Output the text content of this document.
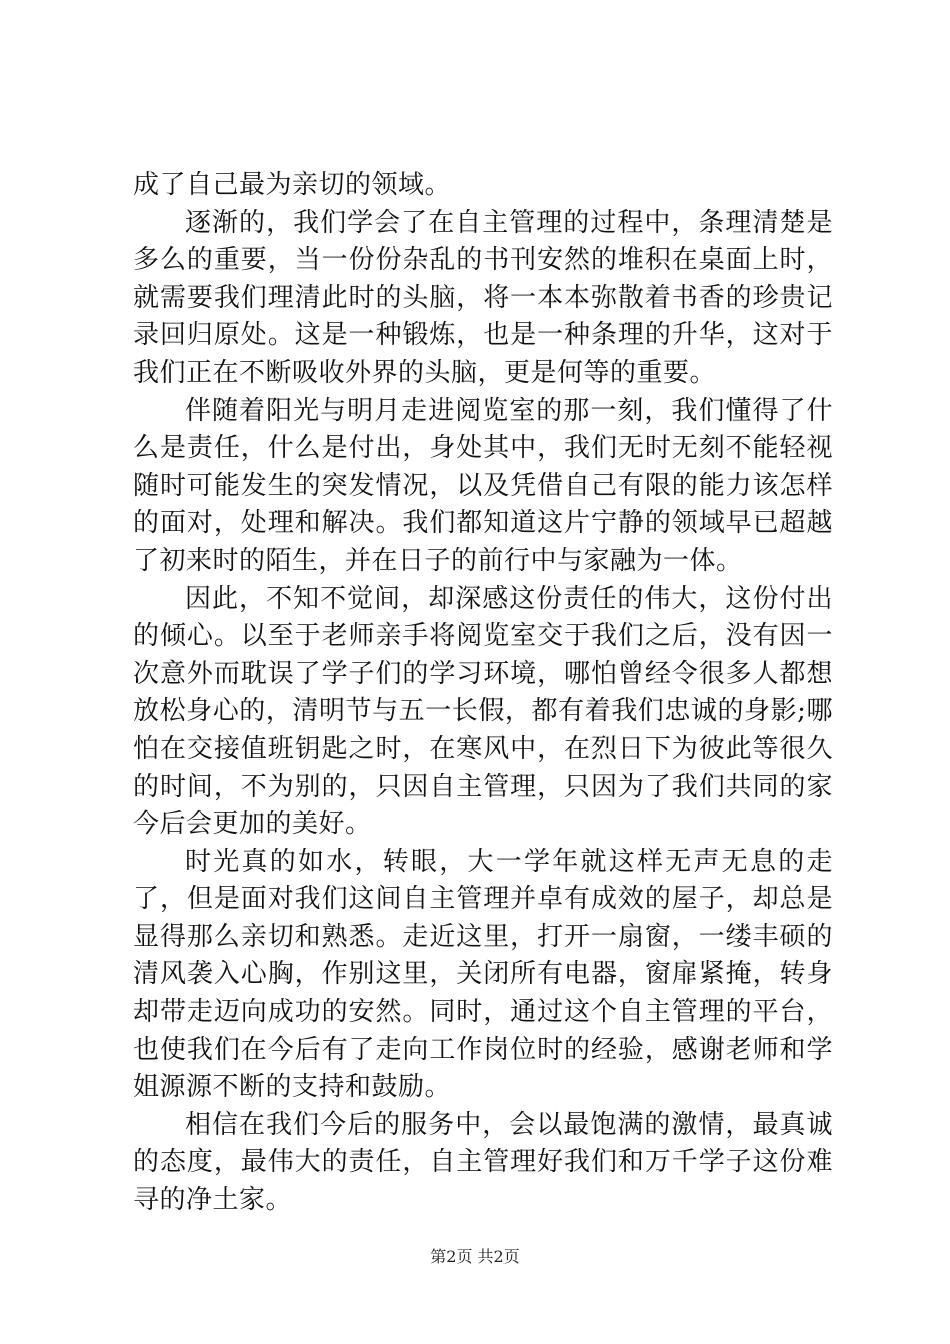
成了自己最为亲切的领域。

逐渐的，我们学会了在自主管理的过程中，条理清楚是多么的重要，当一份份杂乱的书刊安然的堆积在桌面上时，就需要我们理清此时的头脑，将一本本弥散着书香的珍贵记录回归原处。这是一种锻炼，也是一种条理的升华，这对于我们正在不断吸收外界的头脑，更是何等的重要。

伴随着阳光与明月走进阅览室的那一刻，我们懂得了什么是责任，什么是付出，身处其中，我们无时无刻不能轻视随时可能发生的突发情况，以及凭借自己有限的能力该怎样的面对，处理和解决。我们都知道这片宁静的领域早已超越了初来时的陌生，并在日子的前行中与家融为一体。

因此，不知不觉间，却深感这份责任的伟大，这份付出的倾心。以至于老师亲手将阅览室交于我们之后，没有因一次意外而耽误了学子们的学习环境，哪怕曾经令很多人都想放松身心的，清明节与五一长假，都有着我们忠诚的身影;哪怕在交接值班钥匙之时，在寒风中，在烈日下为彼此等很久的时间，不为别的，只因自主管理，只因为了我们共同的家今后会更加的美好。

时光真的如水，转眼，大一学年就这样无声无息的走了，但是面对我们这间自主管理并卓有成效的屋子，却总是显得那么亲切和熟悉。走近这里，打开一扇窗，一缕丰硕的清风袭入心胸，作别这里，关闭所有电器，窗扉紧掩，转身却带走迈向成功的安然。同时，通过这个自主管理的平台，也使我们在今后有了走向工作岗位时的经验，感谢老师和学姐源源不断的支持和鼓励。

相信在我们今后的服务中，会以最饱满的激情，最真诚的态度，最伟大的责任，自主管理好我们和万千学子这份难寻的净土家。

第2页 共2页
